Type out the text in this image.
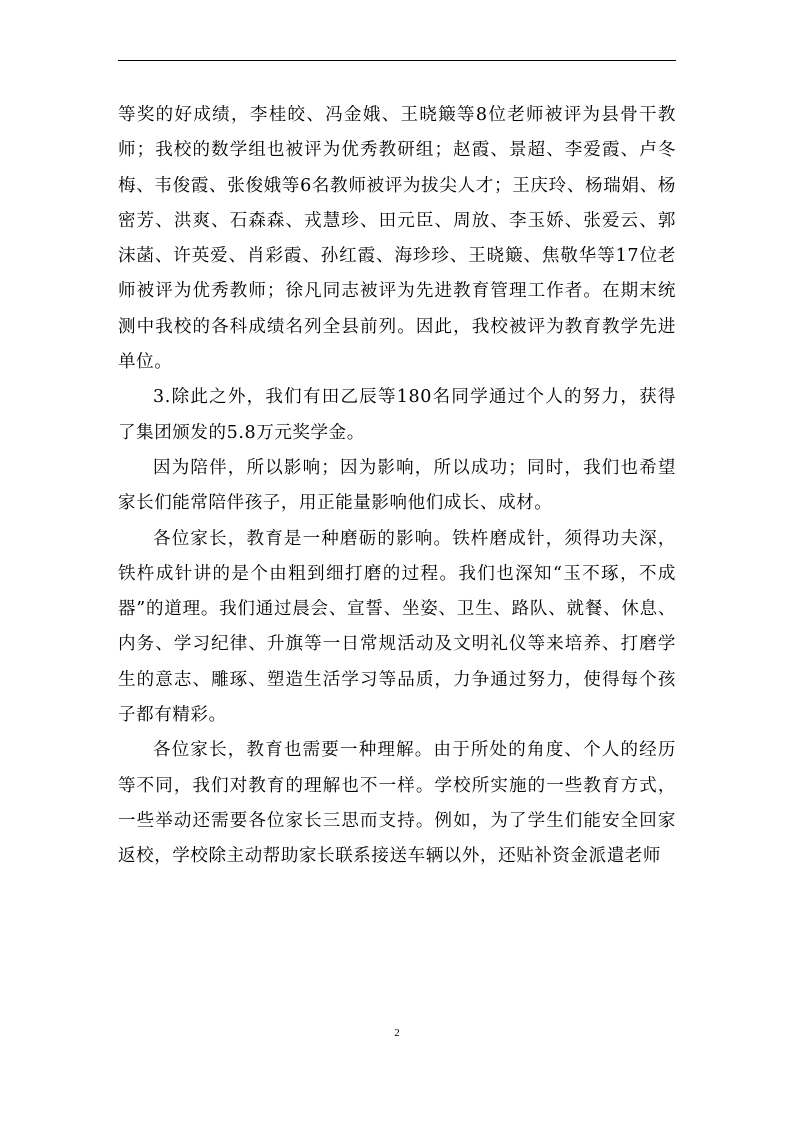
等奖的好成绩，李桂皎、冯金娥、王晓簸等8位老师被评为县骨干教师；我校的数学组也被评为优秀教研组；赵霞、景超、李爱霞、卢冬梅、韦俊霞、张俊娥等6名教师被评为拔尖人才；王庆玲、杨瑞娟、杨密芳、洪爽、石森森、戎慧珍、田元臣、周放、李玉娇、张爱云、郭沫菡、许英爱、肖彩霞、孙红霞、海珍珍、王晓簸、焦敬华等17位老师被评为优秀教师；徐凡同志被评为先进教育管理工作者。在期末统测中我校的各科成绩名列全县前列。因此，我校被评为教育教学先进单位。

3.除此之外，我们有田乙辰等180名同学通过个人的努力，获得了集团颁发的5.8万元奖学金。

因为陪伴，所以影响；因为影响，所以成功；同时，我们也希望家长们能常陪伴孩子，用正能量影响他们成长、成材。

各位家长，教育是一种磨砺的影响。铁杵磨成针，须得功夫深，铁杵成针讲的是个由粗到细打磨的过程。我们也深知“玉不琢，不成器”的道理。我们通过晨会、宣誓、坐姿、卫生、路队、就餐、休息、内务、学习纪律、升旗等一日常规活动及文明礼仪等来培养、打磨学生的意志、雕琢、塑造生活学习等品质，力争通过努力，使得每个孩子都有精彩。

各位家长，教育也需要一种理解。由于所处的角度、个人的经历等不同，我们对教育的理解也不一样。学校所实施的一些教育方式，一些举动还需要各位家长三思而支持。例如，为了学生们能安全回家返校，学校除主动帮助家长联系接送车辆以外，还贴补资金派遣老师

2
